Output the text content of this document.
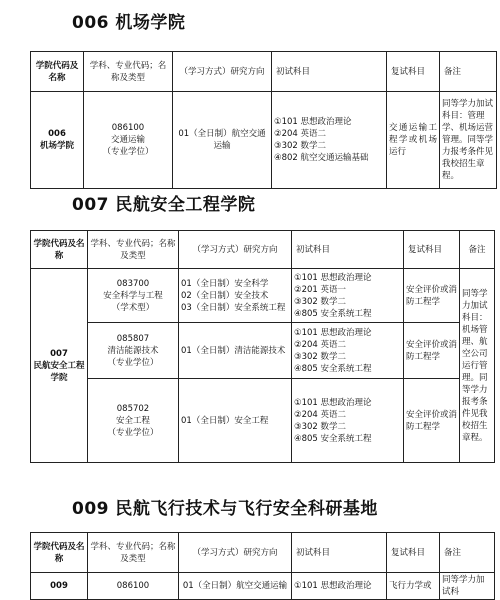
006 机场学院
学院代码及名称	学科、专业代码；名称及类型	（学习方式）研究方向	初试科目	复试科目	备注

006
机场学院	086100
交通运输
（专业学位）	01（全日制）航空交通运输	①101 思想政治理论
②204 英语二
③302 数学二
④802 航空交通运输基础	交通运输工程学或机场运行	同等学力加试科目：管理学、机场运营管理。同等学力报考条件见我校招生章程。
007 民航安全工程学院
学院代码及名称	学科、专业代码；名称及类型	（学习方式）研究方向	初试科目	复试科目	备注

007
民航安全工程学院	083700
安全科学与工程
（学术型）	01（全日制）安全科学
02（全日制）安全技术
03（全日制）安全系统工程	①101 思想政治理论
②201 英语一
③302 数学二
④805 安全系统工程	安全评价或消防工程学	同等学力加试科目：机场管理、航空公司运行管理。同等学力报考条件见我校招生章程。

	085807
清洁能源技术
（专业学位）	01（全日制）清洁能源技术	①101 思想政治理论
②204 英语二
③302 数学二
④805 安全系统工程	安全评价或消防工程学	

	085702
安全工程
（专业学位）	01（全日制）安全工程	①101 思想政治理论
②204 英语二
③302 数学二
④805 安全系统工程	安全评价或消防工程学	
009 民航飞行技术与飞行安全科研基地
学院代码及名称	学科、专业代码；名称及类型	（学习方式）研究方向	初试科目	复试科目	备注
009	086100	01（全日制）航空交通运输	①101 思想政治理论	飞行力学或	同等学力加试科
